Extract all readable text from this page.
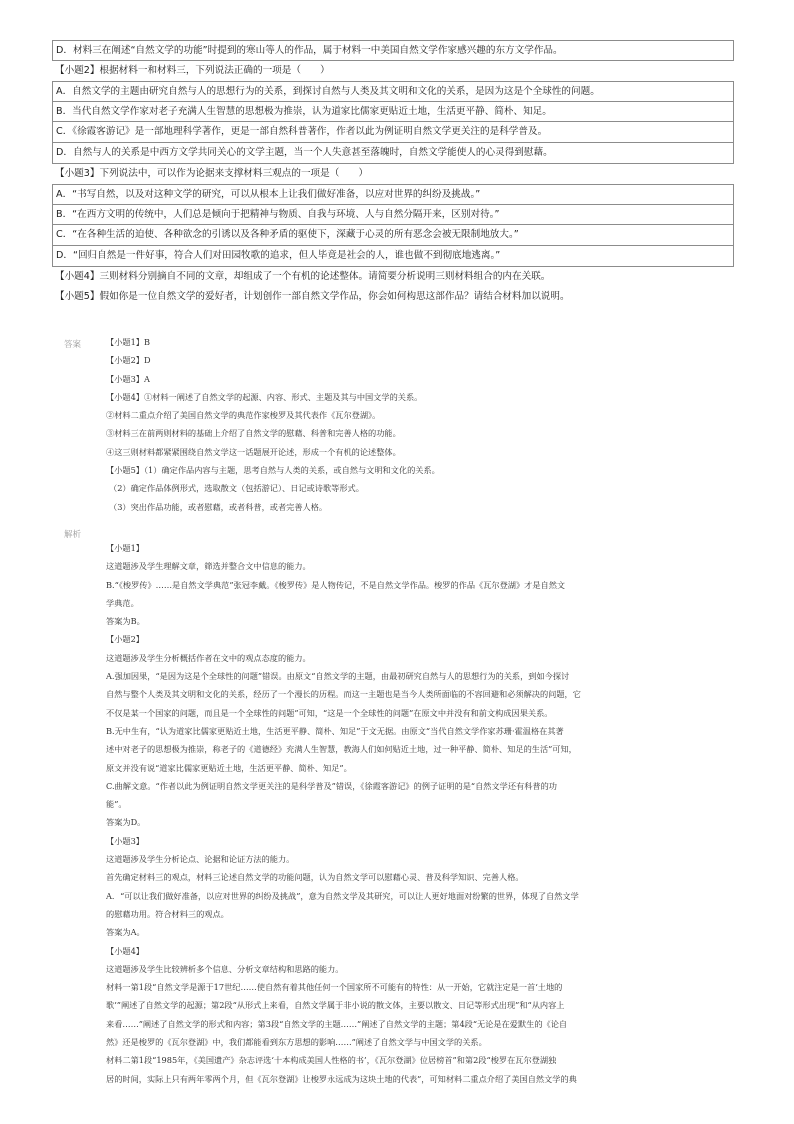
D．材料三在阐述“自然文学的功能”时提到的寒山等人的作品，属于材料一中美国自然文学作家感兴趣的东方文学作品。
【小题2】根据材料一和材料三，下列说法正确的一项是（　　）
A．自然文学的主题由研究自然与人的思想行为的关系，到探讨自然与人类及其文明和文化的关系，是因为这是个全球性的问题。
B．当代自然文学作家对老子充满人生智慧的思想极为推崇，认为道家比儒家更贴近土地，生活更平静、简朴、知足。
C．《徐霞客游记》是一部地理科学著作，更是一部自然科普著作，作者以此为例证明自然文学更关注的是科学普及。
D．自然与人的关系是中西方文学共同关心的文学主题，当一个人失意甚至落魄时，自然文学能使人的心灵得到慰藉。
【小题3】下列说法中，可以作为论据来支撑材料三观点的一项是（　　）
A．“书写自然，以及对这种文学的研究，可以从根本上让我们做好准备，以应对世界的纠纷及挑战。”
B．“在西方文明的传统中，人们总是倾向于把精神与物质、自我与环境、人与自然分隔开来，区别对待。”
C．“在各种生活的迫使、各种欲念的引诱以及各种矛盾的驱使下，深藏于心灵的所有恶念会被无限制地放大。”
D．“回归自然是一件好事，符合人们对田园牧歌的追求，但人毕竟是社会的人，谁也做不到彻底地逃离。”
【小题4】三则材料分别摘自不同的文章，却组成了一个有机的论述整体。请简要分析说明三则材料组合的内在关联。
【小题5】假如你是一位自然文学的爱好者，计划创作一部自然文学作品，你会如何构思这部作品？请结合材料加以说明。
答案	【小题1】B
【小题2】D
【小题3】A
【小题4】①材料一阐述了自然文学的起源、内容、形式、主题及其与中国文学的关系。
②材料二重点介绍了美国自然文学的典范作家梭罗及其代表作《瓦尔登湖》。
③材料三在前两则材料的基础上介绍了自然文学的慰藉、科普和完善人格的功能。
④这三则材料都紧紧围绕自然文学这一话题展开论述，形成一个有机的论述整体。
【小题5】（1）确定作品内容与主题，思考自然与人类的关系，或自然与文明和文化的关系。
（2）确定作品体例形式，选取散文（包括游记）、日记或诗歌等形式。
（3）突出作品功能，或者慰藉，或者科普，或者完善人格。
解析
【小题1】
这道题涉及学生理解文章，筛选并整合文中信息的能力。
B.“《梭罗传》……是自然文学典范”张冠李戴。《梭罗传》是人物传记，不是自然文学作品。梭罗的作品《瓦尔登湖》才是自然文
学典范。
答案为B。
【小题2】
这道题涉及学生分析概括作者在文中的观点态度的能力。
A.强加因果，“是因为这是个全球性的问题”错误。由原文“自然文学的主题，由最初研究自然与人的思想行为的关系，到如今探讨
自然与整个人类及其文明和文化的关系，经历了一个漫长的历程。而这一主题也是当今人类所面临的不容回避和必须解决的问题，它
不仅是某一个国家的问题，而且是一个全球性的问题”可知，“这是一个全球性的问题”在原文中并没有和前文构成因果关系。
B.无中生有，“认为道家比儒家更贴近土地，生活更平静、简朴、知足”于文无据。由原文“当代自然文学作家苏珊·霍温格在其著
述中对老子的思想极为推崇，称老子的《道德经》充满人生智慧，教海人们如何贴近土地，过一种平静、简朴、知足的生活”可知，
原文并没有说“道家比儒家更贴近土地，生活更平静、简朴、知足”。
C.曲解文意。“作者以此为例证明自然文学更关注的是科学普及”错误，《徐霞客游记》的例子证明的是“自然文学还有科普的功
能”。
答案为D。
【小题3】
这道题涉及学生分析论点、论据和论证方法的能力。
首先确定材料三的观点，材料三论述自然文学的功能问题，认为自然文学可以慰藉心灵、普及科学知识、完善人格。
A．“可以让我们做好准备，以应对世界的纠纷及挑战”，意为自然文学及其研究，可以让人更好地面对纷繁的世界，体现了自然文学
的慰藉功用。符合材料三的观点。
答案为A。
【小题4】
这道题涉及学生比较辨析多个信息、分析文章结构和思路的能力。
材料一第1段“自然文学是源于17世纪……使自然有着其他任何一个国家所不可能有的特性：从一开始，它就注定是一首‘土地的
歌’”阐述了自然文学的起源；第2段“从形式上来看，自然文学属于非小说的散文体，主要以散文、日记等形式出现”和“从内容上
来看……”阐述了自然文学的形式和内容；第3段“自然文学的主题……”阐述了自然文学的主题；第4段“无论是在爱默生的《论自
然》还是梭罗的《瓦尔登湖》中，我们都能看到东方思想的影响……”阐述了自然文学与中国文学的关系。
材料二第1段“1985年，《美国遗产》杂志评选‘十本构成美国人性格的书’，《瓦尔登湖》位居榜首”和第2段“梭罗在瓦尔登湖独
居的时间，实际上只有两年零两个月，但《瓦尔登湖》让梭罗永远成为这块土地的代表”，可知材料二重点介绍了美国自然文学的典
